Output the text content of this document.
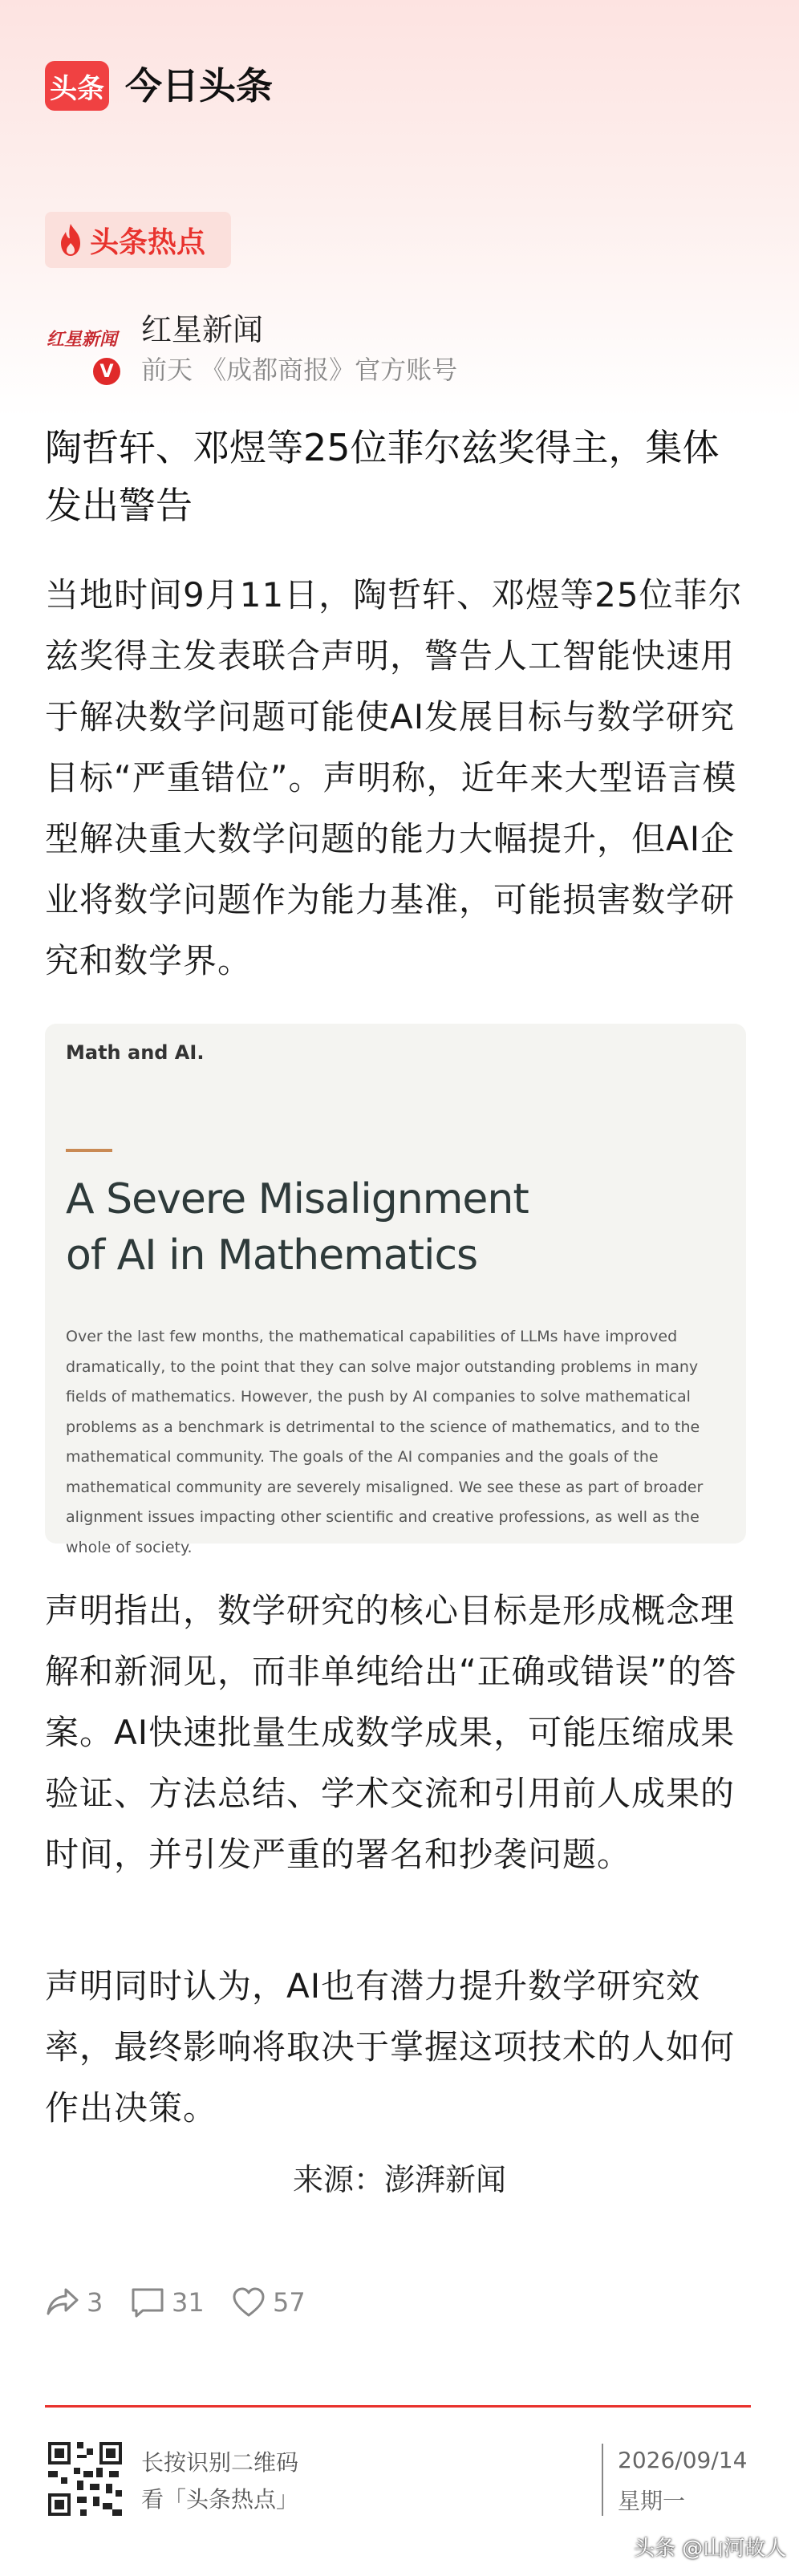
头条 今日头条
头条热点
红星新闻
V
红星新闻
前天 《成都商报》官方账号
陶哲轩、邓煜等25位菲尔兹奖得主，集体发出警告
当地时间9月11日，陶哲轩、邓煜等25位菲尔兹奖得主发表联合声明，警告人工智能快速用于解决数学问题可能使AI发展目标与数学研究目标“严重错位”。声明称，近年来大型语言模型解决重大数学问题的能力大幅提升，但AI企业将数学问题作为能力基准，可能损害数学研究和数学界。
Math and AI.
A Severe Misalignment
of AI in Mathematics
Over the last few months, the mathematical capabilities of LLMs have improved dramatically, to the point that they can solve major outstanding problems in many fields of mathematics. However, the push by AI companies to solve mathematical problems as a benchmark is detrimental to the science of mathematics, and to the mathematical community. The goals of the AI companies and the goals of the mathematical community are severely misaligned. We see these as part of broader alignment issues impacting other scientific and creative professions, as well as the whole of society.
声明指出，数学研究的核心目标是形成概念理解和新洞见，而非单纯给出“正确或错误”的答案。AI快速批量生成数学成果，可能压缩成果验证、方法总结、学术交流和引用前人成果的时间，并引发严重的署名和抄袭问题。
声明同时认为，AI也有潜力提升数学研究效率，最终影响将取决于掌握这项技术的人如何作出决策。
来源：澎湃新闻
3	31	57
长按识别二维码
看「头条热点」
2026/09/14
星期一
头条 @山河故人
